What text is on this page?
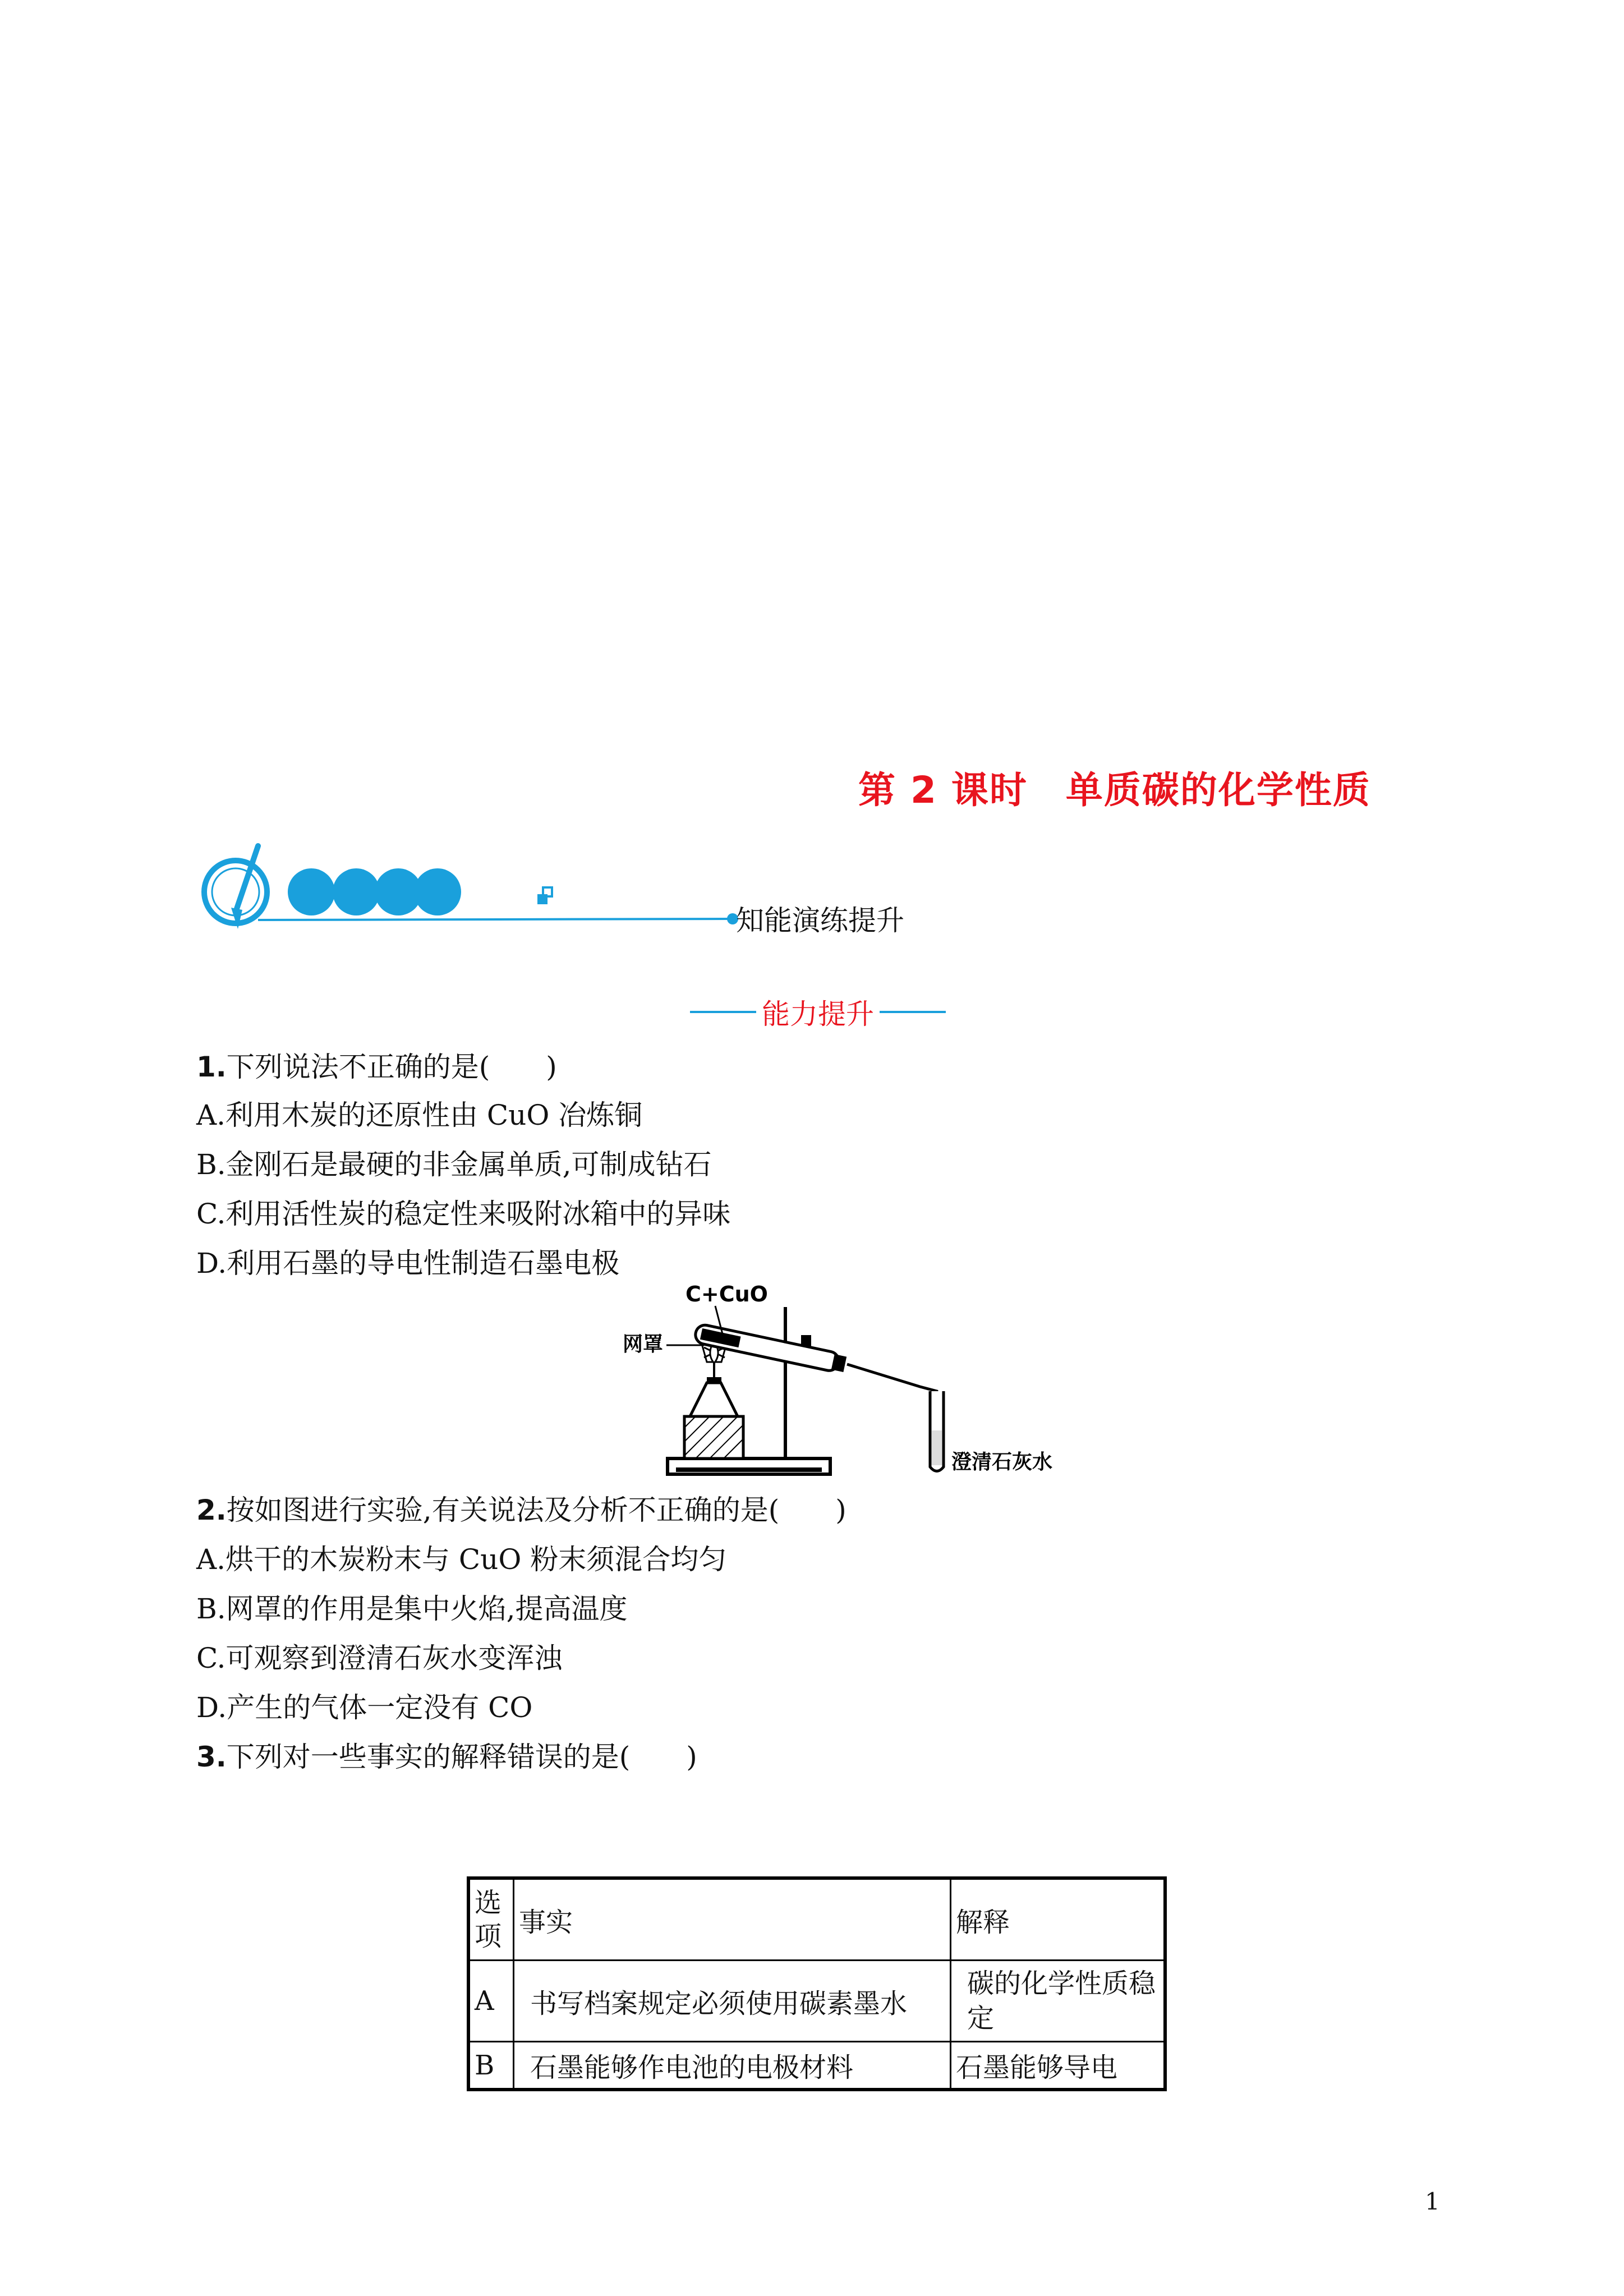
第 2 课时　单质碳的化学性质
知能演练提升
能力提升
1.下列说法不正确的是(　　)
A.利用木炭的还原性由 CuO 冶炼铜
B.金刚石是最硬的非金属单质,可制成钻石
C.利用活性炭的稳定性来吸附冰箱中的异味
D.利用石墨的导电性制造石墨电极
C+CuO
网罩
澄清石灰水
2.按如图进行实验,有关说法及分析不正确的是(　　)
A.烘干的木炭粉末与 CuO 粉末须混合均匀
B.网罩的作用是集中火焰,提高温度
C.可观察到澄清石灰水变浑浊
D.产生的气体一定没有 CO
3.下列对一些事实的解释错误的是(　　)
选项	事实	解释
A	书写档案规定必须使用碳素墨水	碳的化学性质稳定
B	石墨能够作电池的电极材料	石墨能够导电
1
